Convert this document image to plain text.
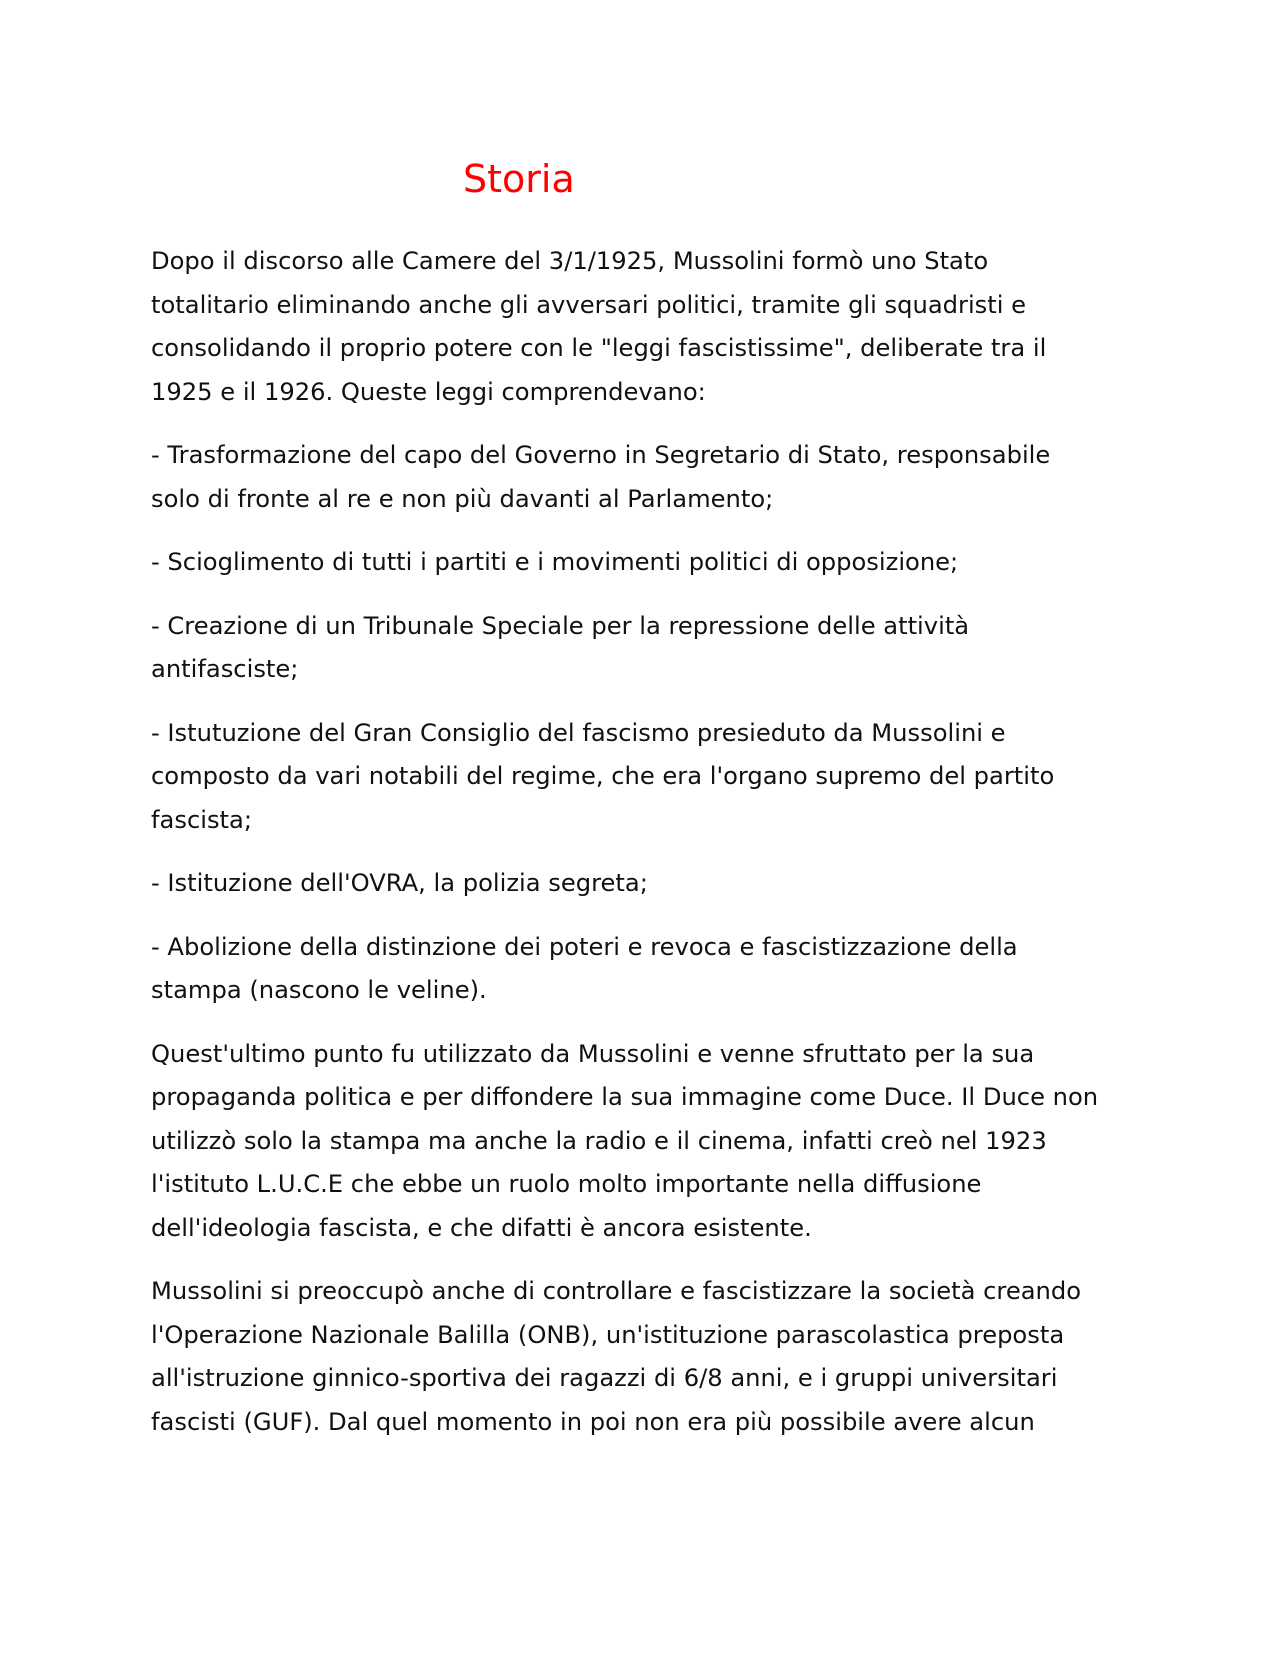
Storia

Dopo il discorso alle Camere del 3/1/1925, Mussolini formò uno Stato
totalitario eliminando anche gli avversari politici, tramite gli squadristi e
consolidando il proprio potere con le "leggi fascistissime", deliberate tra il
1925 e il 1926. Queste leggi comprendevano:

- Trasformazione del capo del Governo in Segretario di Stato, responsabile
solo di fronte al re e non più davanti al Parlamento;

- Scioglimento di tutti i partiti e i movimenti politici di opposizione;

- Creazione di un Tribunale Speciale per la repressione delle attività
antifasciste;

- Istutuzione del Gran Consiglio del fascismo presieduto da Mussolini e
composto da vari notabili del regime, che era l'organo supremo del partito
fascista;

- Istituzione dell'OVRA, la polizia segreta;

- Abolizione della distinzione dei poteri e revoca e fascistizzazione della
stampa (nascono le veline).

Quest'ultimo punto fu utilizzato da Mussolini e venne sfruttato per la sua
propaganda politica e per diffondere la sua immagine come Duce. Il Duce non
utilizzò solo la stampa ma anche la radio e il cinema, infatti creò nel 1923
l'istituto L.U.C.E che ebbe un ruolo molto importante nella diffusione
dell'ideologia fascista, e che difatti è ancora esistente.

Mussolini si preoccupò anche di controllare e fascistizzare la società creando
l'Operazione Nazionale Balilla (ONB), un'istituzione parascolastica preposta
all'istruzione ginnico-sportiva dei ragazzi di 6/8 anni, e i gruppi universitari
fascisti (GUF). Dal quel momento in poi non era più possibile avere alcun
